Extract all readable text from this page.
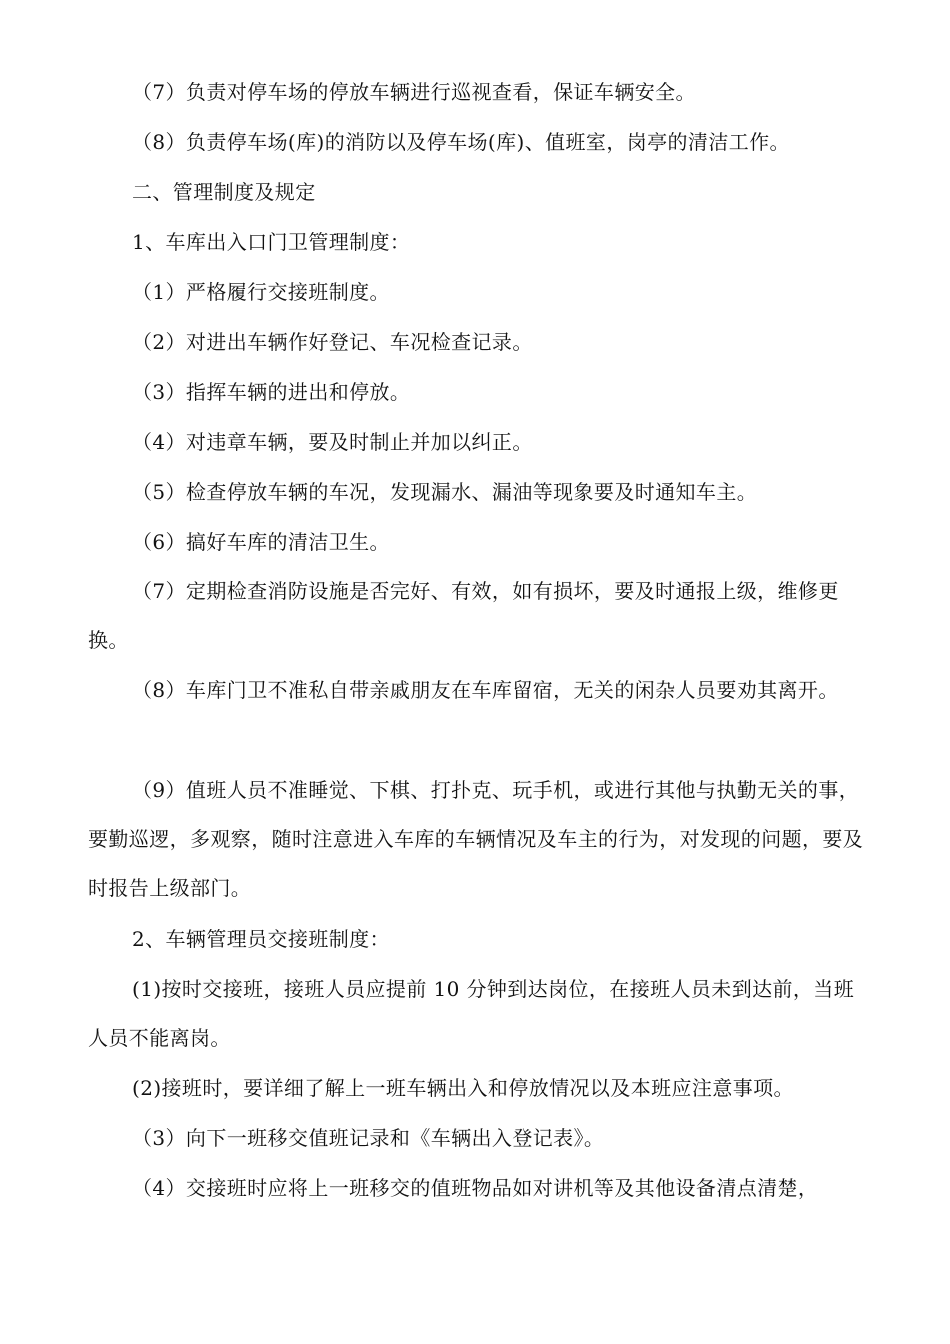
（7）负责对停车场的停放车辆进行巡视查看，保证车辆安全。

（8）负责停车场(库)的消防以及停车场(库)、值班室，岗亭的清洁工作。

二、管理制度及规定

1、车库出入口门卫管理制度：

（1）严格履行交接班制度。

（2）对进出车辆作好登记、车况检查记录。

（3）指挥车辆的进出和停放。

（4）对违章车辆，要及时制止并加以纠正。

（5）检查停放车辆的车况，发现漏水、漏油等现象要及时通知车主。

（6）搞好车库的清洁卫生。

（7）定期检查消防设施是否完好、有效，如有损坏，要及时通报上级，维修更换。

（8）车库门卫不准私自带亲戚朋友在车库留宿，无关的闲杂人员要劝其离开。

（9）值班人员不准睡觉、下棋、打扑克、玩手机，或进行其他与执勤无关的事，要勤巡逻，多观察，随时注意进入车库的车辆情况及车主的行为，对发现的问题，要及时报告上级部门。

2、车辆管理员交接班制度：

(1)按时交接班，接班人员应提前 10 分钟到达岗位，在接班人员未到达前，当班人员不能离岗。

(2)接班时，要详细了解上一班车辆出入和停放情况以及本班应注意事项。

（3）向下一班移交值班记录和《车辆出入登记表》。

（4）交接班时应将上一班移交的值班物品如对讲机等及其他设备清点清楚，
